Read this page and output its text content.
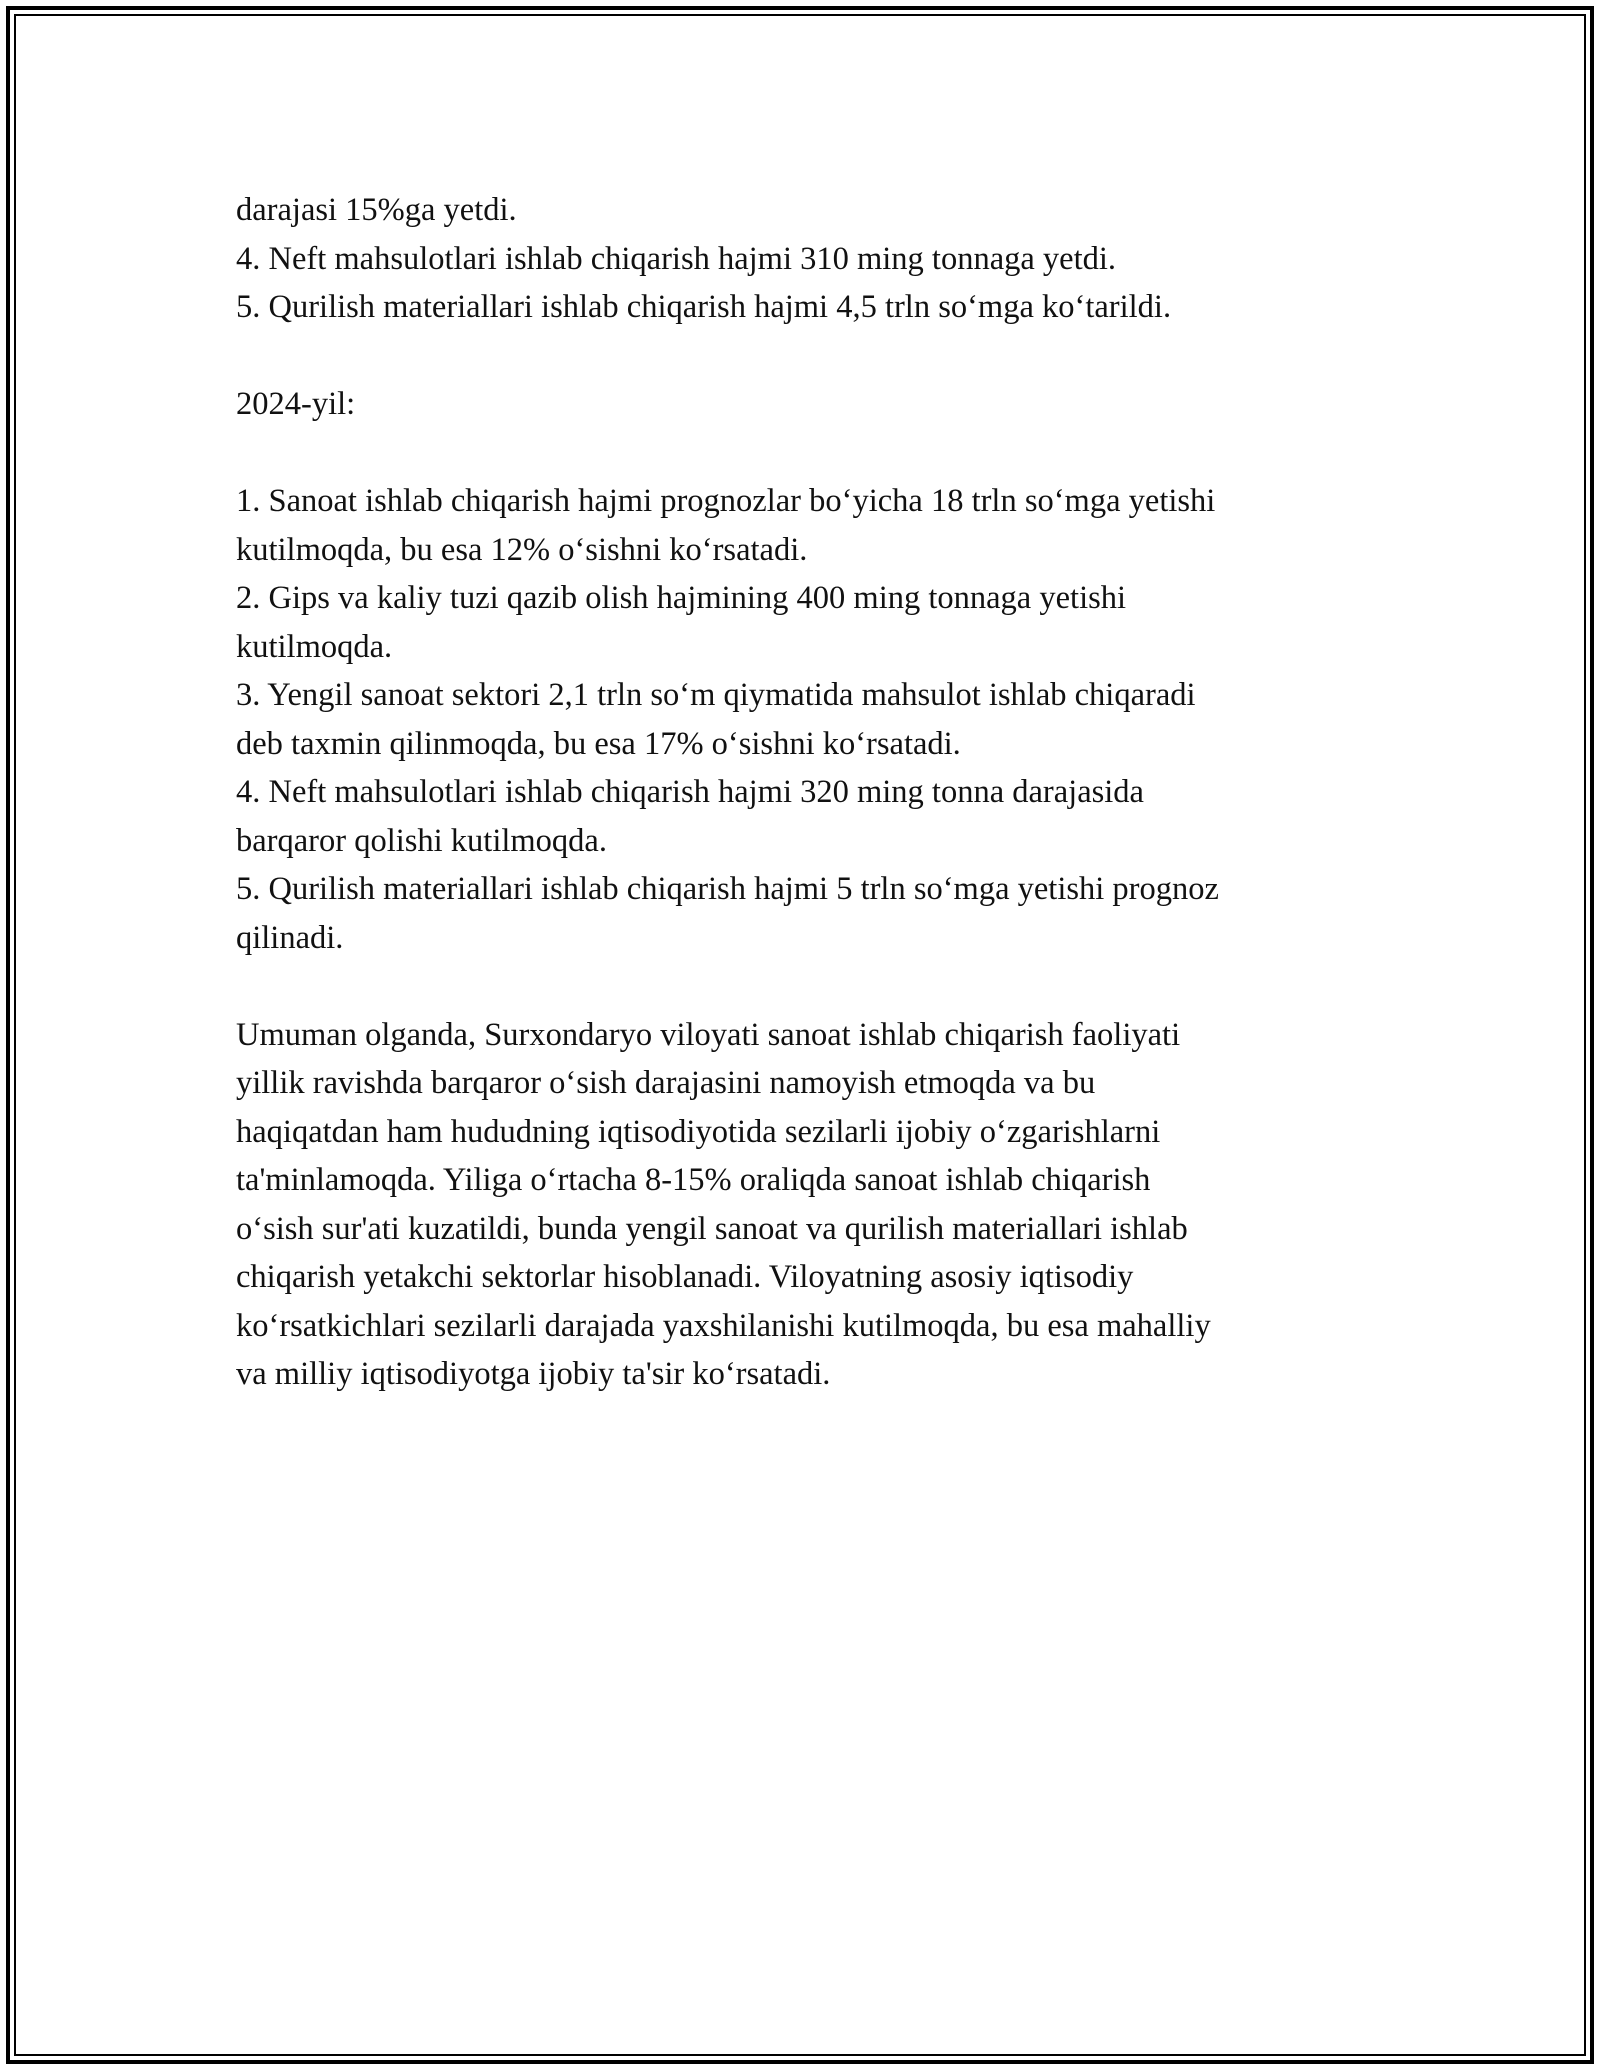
darajasi 15%ga yetdi.
4. Neft mahsulotlari ishlab chiqarish hajmi 310 ming tonnaga yetdi.
5. Qurilish materiallari ishlab chiqarish hajmi 4,5 trln so‘mga ko‘tarildi.
2024-yil:
1. Sanoat ishlab chiqarish hajmi prognozlar bo‘yicha 18 trln so‘mga yetishi
kutilmoqda, bu esa 12% o‘sishni ko‘rsatadi.
2. Gips va kaliy tuzi qazib olish hajmining 400 ming tonnaga yetishi
kutilmoqda.
3. Yengil sanoat sektori 2,1 trln so‘m qiymatida mahsulot ishlab chiqaradi
deb taxmin qilinmoqda, bu esa 17% o‘sishni ko‘rsatadi.
4. Neft mahsulotlari ishlab chiqarish hajmi 320 ming tonna darajasida
barqaror qolishi kutilmoqda.
5. Qurilish materiallari ishlab chiqarish hajmi 5 trln so‘mga yetishi prognoz
qilinadi.
Umuman olganda, Surxondaryo viloyati sanoat ishlab chiqarish faoliyati
yillik ravishda barqaror o‘sish darajasini namoyish etmoqda va bu
haqiqatdan ham hududning iqtisodiyotida sezilarli ijobiy o‘zgarishlarni
ta'minlamoqda. Yiliga o‘rtacha 8-15% oraliqda sanoat ishlab chiqarish
o‘sish sur'ati kuzatildi, bunda yengil sanoat va qurilish materiallari ishlab
chiqarish yetakchi sektorlar hisoblanadi. Viloyatning asosiy iqtisodiy
ko‘rsatkichlari sezilarli darajada yaxshilanishi kutilmoqda, bu esa mahalliy
va milliy iqtisodiyotga ijobiy ta'sir ko‘rsatadi.
